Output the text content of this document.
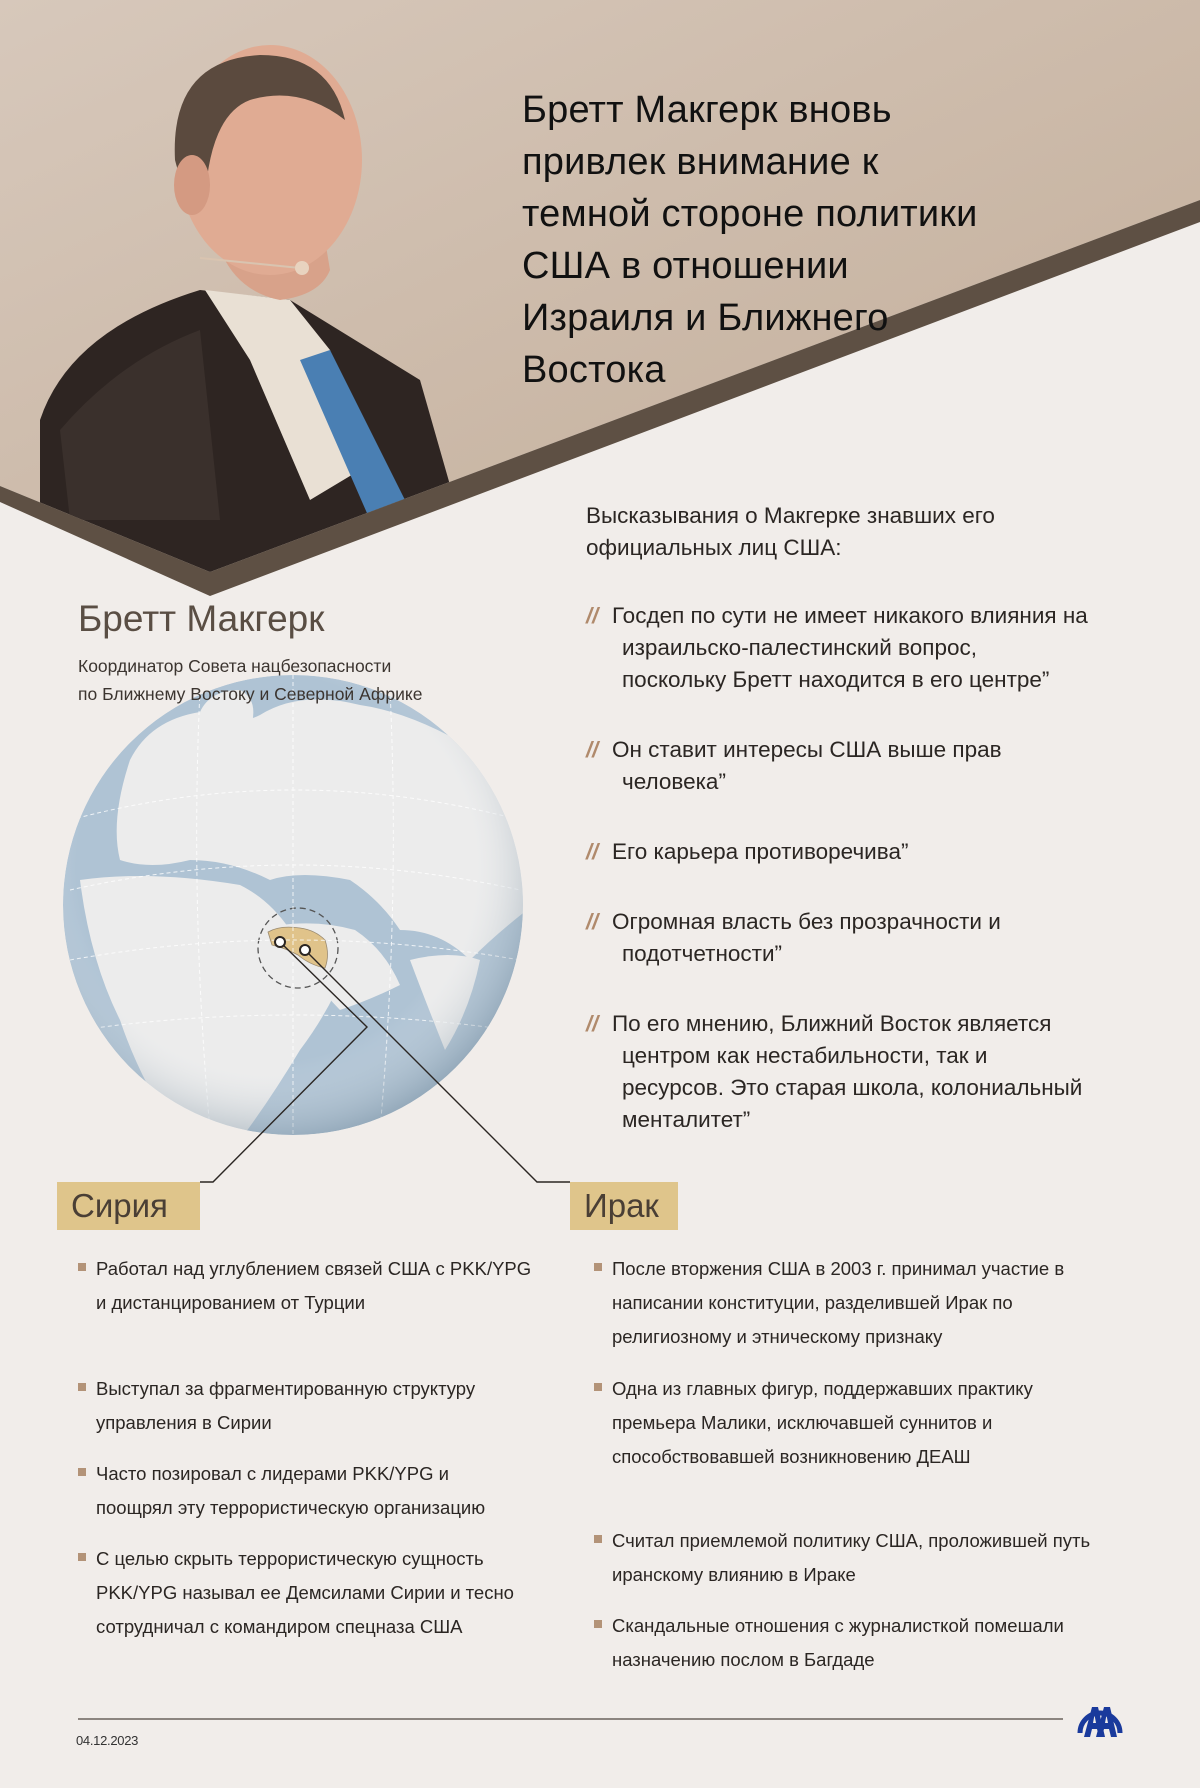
Бретт Макгерк вновь
привлек внимание к
темной стороне политики
США в отношении
Израиля и Ближнего
Востока
Бретт Макгерк
Координатор Совета нацбезопасности
по Ближнему Востоку и Северной Африке
Высказывания о Макгерке знавших его
официальных лиц США:
// Госдеп по сути не имеет никакого влияния на
израильско-палестинский вопрос,
поскольку Бретт находится в его центре”
// Он ставит интересы США выше прав
человека”
// Его карьера противоречива”
// Огромная власть без прозрачности и
подотчетности”
// По его мнению, Ближний Восток является
центром как нестабильности, так и
ресурсов. Это старая школа, колониальный
менталитет”
Сирия	Ирак
Работал над углублением связей США с PKK/YPG
и дистанцированием от Турции
Выступал за фрагментированную структуру
управления в Сирии
Часто позировал с лидерами PKK/YPG и
поощрял эту террористическую организацию
С целью скрыть террористическую сущность
PKK/YPG называл ее Демсилами Сирии и тесно
сотрудничал с командиром спецназа США
После вторжения США в 2003 г. принимал участие в
написании конституции, разделившей Ирак по
религиозному и этническому признаку
Одна из главных фигур, поддержавших практику
премьера Малики, исключавшей суннитов и
способствовавшей возникновению ДЕАШ
Считал приемлемой политику США, проложившей путь
иранскому влиянию в Ираке
Скандальные отношения с журналисткой помешали
назначению послом в Багдаде
04.12.2023
